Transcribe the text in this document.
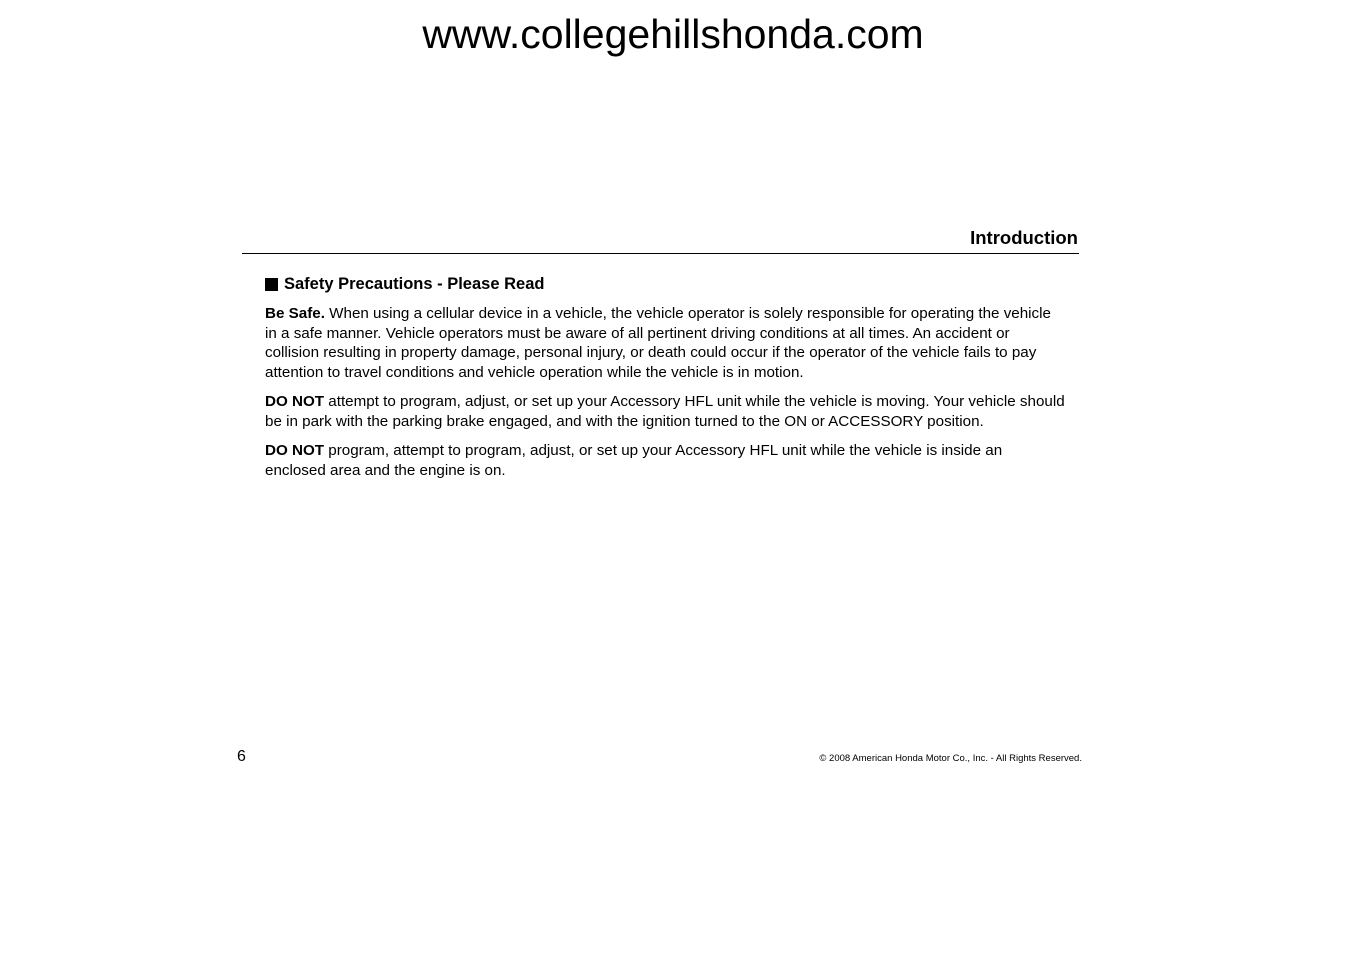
www.collegehillshonda.com
Introduction
Safety Precautions - Please Read

Be Safe. When using a cellular device in a vehicle, the vehicle operator is solely responsible for operating the vehicle in a safe manner. Vehicle operators must be aware of all pertinent driving conditions at all times. An accident or collision resulting in property damage, personal injury, or death could occur if the operator of the vehicle fails to pay attention to travel conditions and vehicle operation while the vehicle is in motion.

DO NOT attempt to program, adjust, or set up your Accessory HFL unit while the vehicle is moving. Your vehicle should be in park with the parking brake engaged, and with the ignition turned to the ON or ACCESSORY position.

DO NOT program, attempt to program, adjust, or set up your Accessory HFL unit while the vehicle is inside an enclosed area and the engine is on.

6	© 2008 American Honda Motor Co., Inc. - All Rights Reserved.
